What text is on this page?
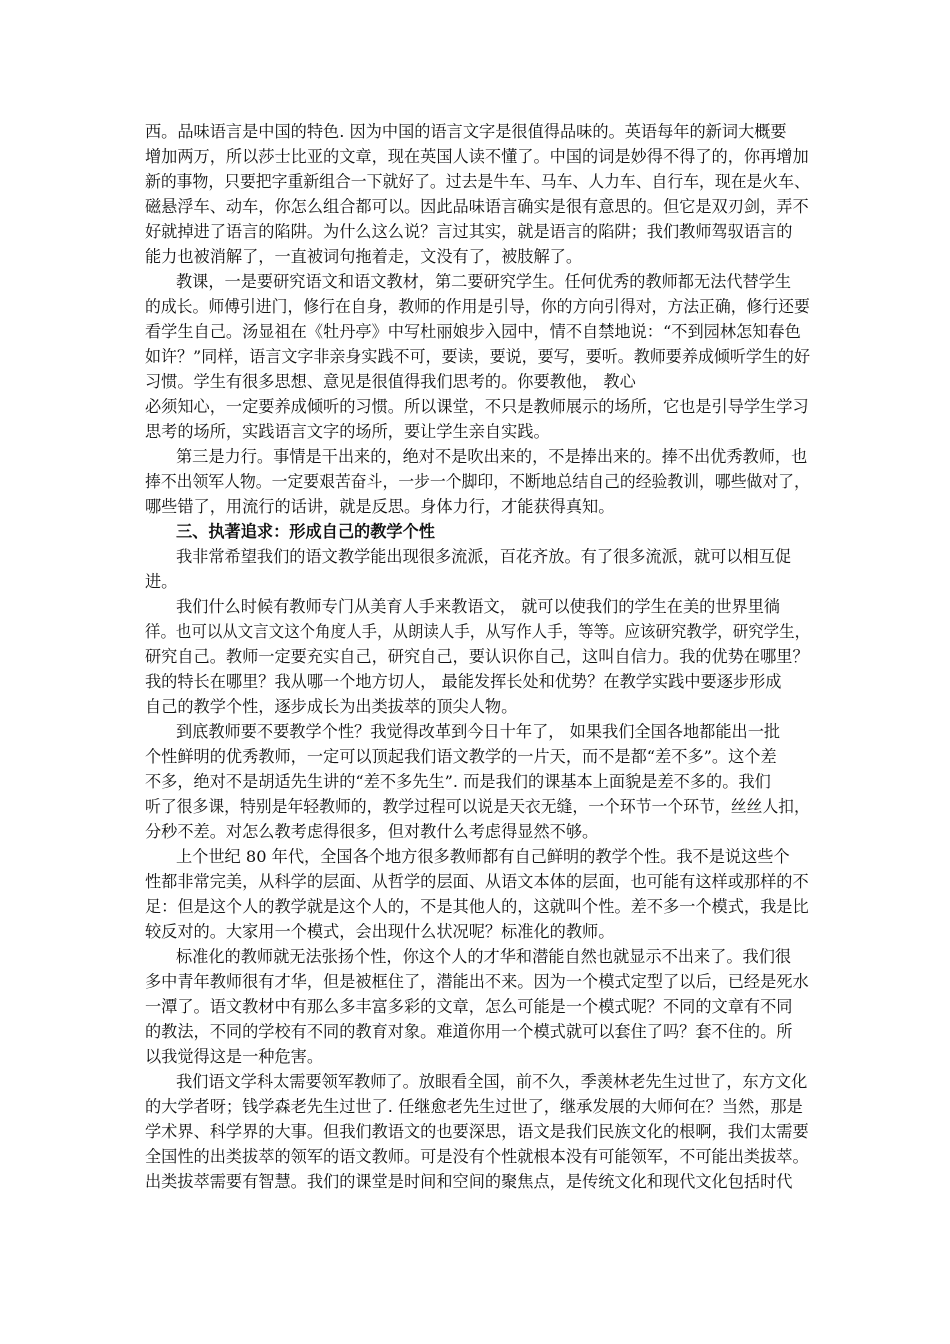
西。品味语言是中国的特色. 因为中国的语言文字是很值得品味的。英语每年的新词大概要
增加两万，所以莎士比亚的文章，现在英国人读不懂了。中国的词是妙得不得了的，你再增加
新的事物，只要把字重新组合一下就好了。过去是牛车、马车、人力车、自行车，现在是火车、
磁悬浮车、动车，你怎么组合都可以。因此品味语言确实是很有意思的。但它是双刃剑，弄不
好就掉进了语言的陷阱。为什么这么说？言过其实，就是语言的陷阱；我们教师驾驭语言的
能力也被消解了，一直被词句拖着走，文没有了，被肢解了。
教课，一是要研究语文和语文教材，第二要研究学生。任何优秀的教师都无法代替学生
的成长。师傅引进门，修行在自身，教师的作用是引导，你的方向引得对，方法正确，修行还要
看学生自己。汤显祖在《牡丹亭》中写杜丽娘步入园中，情不自禁地说：“不到园林怎知春色
如许？”同样，语言文字非亲身实践不可，要读，要说，要写，要听。教师要养成倾听学生的好
习惯。学生有很多思想、意见是很值得我们思考的。你要教他， 教心
必须知心，一定要养成倾听的习惯。所以课堂，不只是教师展示的场所，它也是引导学生学习
思考的场所，实践语言文字的场所，要让学生亲自实践。
第三是力行。事情是干出来的，绝对不是吹出来的，不是捧出来的。捧不出优秀教师，也
捧不出领军人物。一定要艰苦奋斗，一步一个脚印，不断地总结自己的经验教训，哪些做对了，
哪些错了，用流行的话讲，就是反思。身体力行，才能获得真知。
三、执著追求：形成自己的教学个性
我非常希望我们的语文教学能出现很多流派，百花齐放。有了很多流派，就可以相互促
进。
我们什么时候有教师专门从美育人手来教语文， 就可以使我们的学生在美的世界里徜
徉。也可以从文言文这个角度人手，从朗读人手，从写作人手，等等。应该研究教学，研究学生，
研究自己。教师一定要充实自己，研究自己，要认识你自己，这叫自信力。我的优势在哪里？
我的特长在哪里？我从哪一个地方切人， 最能发挥长处和优势？在教学实践中要逐步形成
自己的教学个性，逐步成长为出类拔萃的顶尖人物。
到底教师要不要教学个性？我觉得改革到今日十年了， 如果我们全国各地都能出一批
个性鲜明的优秀教师，一定可以顶起我们语文教学的一片天，而不是都“差不多”。这个差
不多，绝对不是胡适先生讲的“差不多先生”. 而是我们的课基本上面貌是差不多的。我们
听了很多课，特别是年轻教师的，教学过程可以说是天衣无缝，一个环节一个环节，丝丝人扣，
分秒不差。对怎么教考虑得很多，但对教什么考虑得显然不够。
上个世纪 80 年代，全国各个地方很多教师都有自己鲜明的教学个性。我不是说这些个
性都非常完美，从科学的层面、从哲学的层面、从语文本体的层面，也可能有这样或那样的不
足：但是这个人的教学就是这个人的，不是其他人的，这就叫个性。差不多一个模式，我是比
较反对的。大家用一个模式，会出现什么状况呢？标准化的教师。
标准化的教师就无法张扬个性，你这个人的才华和潜能自然也就显示不出来了。我们很
多中青年教师很有才华，但是被框住了，潜能出不来。因为一个模式定型了以后，已经是死水
一潭了。语文教材中有那么多丰富多彩的文章，怎么可能是一个模式呢？不同的文章有不同
的教法，不同的学校有不同的教育对象。难道你用一个模式就可以套住了吗？套不住的。所
以我觉得这是一种危害。
我们语文学科太需要领军教师了。放眼看全国，前不久，季羡林老先生过世了，东方文化
的大学者呀；钱学森老先生过世了. 任继愈老先生过世了，继承发展的大师何在？当然，那是
学术界、科学界的大事。但我们教语文的也要深思，语文是我们民族文化的根啊，我们太需要
全国性的出类拔萃的领军的语文教师。可是没有个性就根本没有可能领军，不可能出类拔萃。
出类拔萃需要有智慧。我们的课堂是时间和空间的聚焦点，是传统文化和现代文化包括时代
